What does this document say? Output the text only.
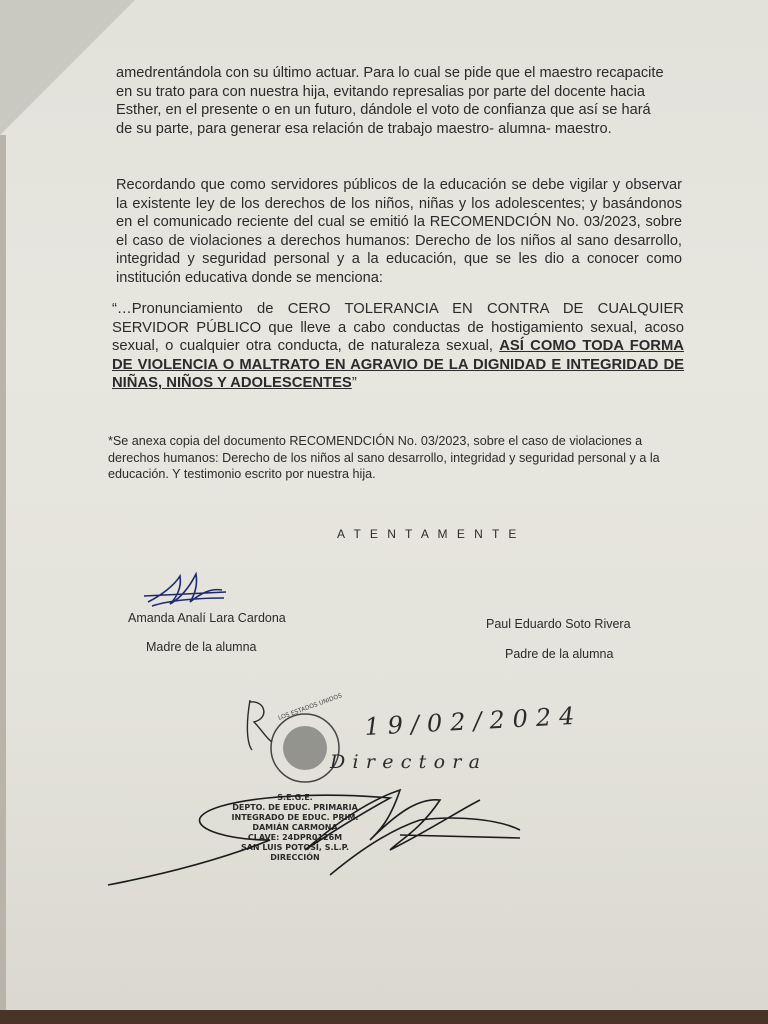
amedrentándola con su último actuar. Para lo cual se pide que el maestro recapacite en su trato para con nuestra hija, evitando represalias por parte del docente hacia Esther, en el presente o en un futuro, dándole el voto de confianza que así se hará de su parte, para generar esa relación de trabajo maestro- alumna- maestro.

Recordando que como servidores públicos de la educación se debe vigilar y observar la existente ley de los derechos de los niños, niñas y los adolescentes; y basándonos en el comunicado reciente del cual se emitió la RECOMENDCIÓN No. 03/2023, sobre el caso de violaciones a derechos humanos: Derecho de los niños al sano desarrollo, integridad y seguridad personal y a la educación, que se les dio a conocer como institución educativa donde se menciona:

“…Pronunciamiento de CERO TOLERANCIA EN CONTRA DE CUALQUIER SERVIDOR PÚBLICO que lleve a cabo conductas de hostigamiento sexual, acoso sexual, o cualquier otra conducta, de naturaleza sexual, ASÍ COMO TODA FORMA DE VIOLENCIA O MALTRATO EN AGRAVIO DE LA DIGNIDAD E INTEGRIDAD DE NIÑAS, NIÑOS Y ADOLESCENTES”

*Se anexa copia del documento RECOMENDCIÓN No. 03/2023, sobre el caso de violaciones a derechos humanos: Derecho de los niños al sano desarrollo, integridad y seguridad personal y a la educación. Y testimonio escrito por nuestra hija.

A T E N T A M E N T E
Amanda Analí Lara Cardona
Madre de la alumna
Paul Eduardo Soto Rivera
Padre de la alumna
19/02/2024
Directora
LOS ESTADOS UNIDOS
S.E.G.E.
DEPTO. DE EDUC. PRIMARIA
INTEGRADO DE EDUC. PRIM.
DAMIÁN CARMONA
CLAVE: 24DPR0126M
SAN LUIS POTOSÍ, S.L.P.
DIRECCIÓN
